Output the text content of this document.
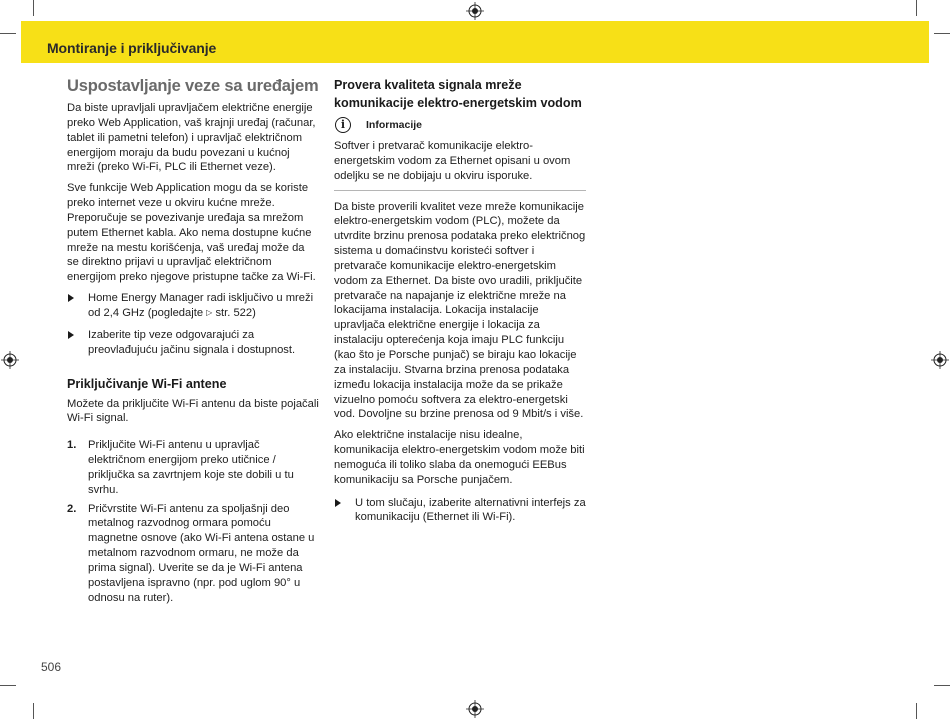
Montiranje i priključivanje
Uspostavljanje veze sa uređajem

Da biste upravljali upravljačem električne energije preko Web Application, vaš krajnji uređaj (računar, tablet ili pametni telefon) i upravljač električnom energijom moraju da budu povezani u kućnoj mreži (preko Wi-Fi, PLC ili Ethernet veze).

Sve funkcije Web Application mogu da se koriste preko internet veze u okviru kućne mreže. Preporučuje se povezivanje uređaja sa mrežom putem Ethernet kabla. Ako nema dostupne kućne mreže na mestu korišćenja, vaš uređaj može da se direktno prijavi u upravljač električnom energijom preko njegove pristupne tačke za Wi-Fi.

Home Energy Manager radi isključivo u mreži od 2,4 GHz (pogledajte ▷ str. 522)
Izaberite tip veze odgovarajući za preovlađujuću jačinu signala i dostupnost.
Priključivanje Wi-Fi antene

Možete da priključite Wi-Fi antenu da biste pojačali Wi-Fi signal.

1. Priključite Wi-Fi antenu u upravljač električnom energijom preko utičnice / priključka sa zavrtnjem koje ste dobili u tu svrhu.
2. Pričvrstite Wi-Fi antenu za spoljašnji deo metalnog razvodnog ormara pomoću magnetne osnove (ako Wi-Fi antena ostane u metalnom razvodnom ormaru, ne može da prima signal). Uverite se da je Wi-Fi antena postavljena ispravno (npr. pod uglom 90° u odnosu na ruter).
Provera kvaliteta signala mreže komunikacije elektro-energetskim vodom
i	Informacije

Softver i pretvarač komunikacije elektro-energetskim vodom za Ethernet opisani u ovom odeljku se ne dobijaju u okviru isporuke.

Da biste proverili kvalitet veze mreže komunikacije elektro-energetskim vodom (PLC), možete da utvrdite brzinu prenosa podataka preko električnog sistema u domaćinstvu koristeći softver i pretvarače komunikacije elektro-energetskim vodom za Ethernet. Da biste ovo uradili, priključite pretvarače na napajanje iz električne mreže na lokacijama instalacija. Lokacija instalacije upravljača električne energije i lokacija za instalaciju opterećenja koja imaju PLC funkciju (kao što je Porsche punjač) se biraju kao lokacije za instalaciju. Stvarna brzina prenosa podataka između lokacija instalacija može da se prikaže vizuelno pomoću softvera za elektro-energetski vod. Dovoljne su brzine prenosa od 9 Mbit/s i više.

Ako električne instalacije nisu idealne, komunikacija elektro-energetskim vodom može biti nemoguća ili toliko slaba da onemogući EEBus komunikaciju sa Porsche punjačem.

U tom slučaju, izaberite alternativni interfejs za komunikaciju (Ethernet ili Wi-Fi).
506
